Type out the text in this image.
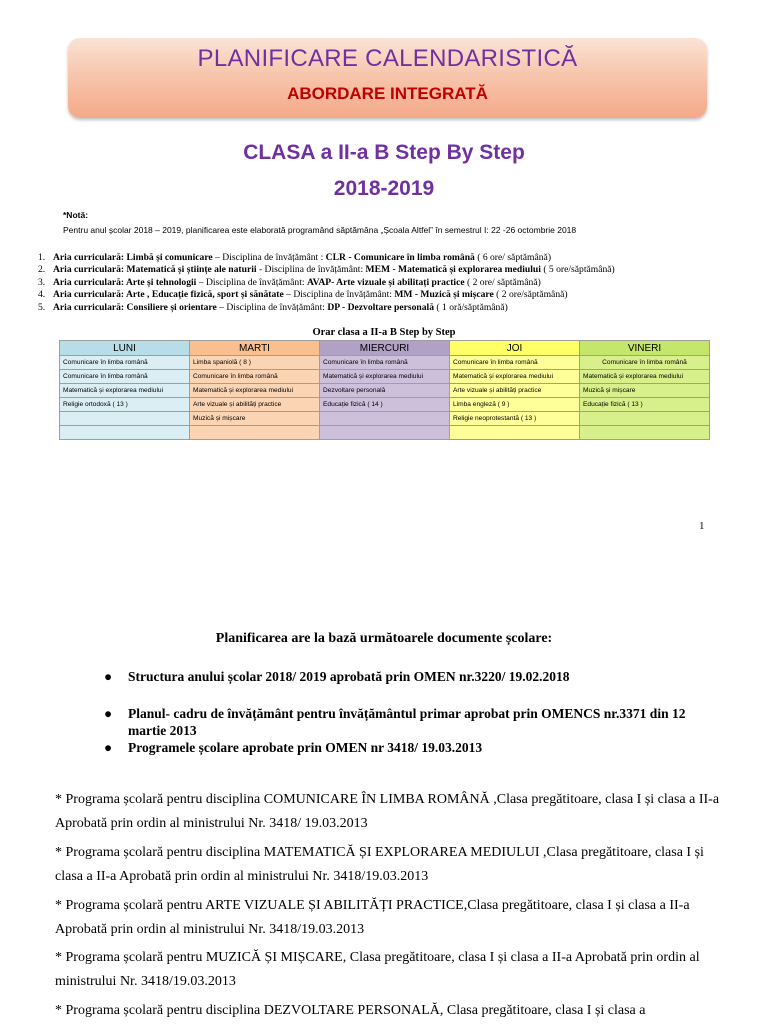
PLANIFICARE CALENDARISTICĂ
ABORDARE INTEGRATĂ
CLASA a II-a B Step By Step
2018-2019
*Notă:
Pentru anul școlar 2018 – 2019, planificarea este elaborată programând săptămâna „Școala Altfel” în semestrul I: 22 -26 octombrie 2018
1. Aria curriculară: Limbă și comunicare – Disciplina de învățământ : CLR - Comunicare în limba română ( 6 ore/ săptămână)
2. Aria curriculară: Matematică și științe ale naturii - Disciplina de învățământ: MEM - Matematică și explorarea mediului ( 5 ore/săptămână)
3. Aria curriculară: Arte și tehnologii – Disciplina de învățământ: AVAP- Arte vizuale și abilitați practice ( 2 ore/ săptămână)
4. Aria curriculară: Arte , Educație fizică, sport și sănătate – Disciplina de învățământ: MM - Muzică și mișcare ( 2 ore/săptămână)
5. Aria curriculară: Consiliere și orientare – Disciplina de învățământ: DP - Dezvoltare personală ( 1 oră/săptămână)
Orar clasa a II-a B Step by Step
LUNI	MARTI	MIERCURI	JOI	VINERI
Comunicare în limba română	Limba spaniolă ( 8 )	Comunicare în limba română	Comunicare în limba română	Comunicare în limba română
Comunicare în limba română	Comunicare în limba română	Matematică și explorarea mediului	Matematică și explorarea mediului	Matematică și explorarea mediului
Matematică și explorarea mediului	Matematică și explorarea mediului	Dezvoltare personală	Arte vizuale și abilități practice	Muzică și mișcare
Religie ortodoxă ( 13 )	Arte vizuale și abilități practice	Educație fizică ( 14 )	Limba engleză ( 9 )	Educație fizică ( 13 )
	Muzică și mișcare		Religie neoprotestantă ( 13 )	

1
Planificarea are la bază următoarele documente școlare:
● Structura anului școlar 2018/ 2019 aprobată prin OMEN nr.3220/ 19.02.2018
● Planul- cadru de învățământ pentru învățământul primar aprobat prin OMENCS nr.3371 din 12 martie 2013
● Programele școlare aprobate prin OMEN nr 3418/ 19.03.2013
* Programa școlară pentru disciplina COMUNICARE ÎN LIMBA ROMÂNĂ ,Clasa pregătitoare, clasa I și clasa a II-a Aprobată prin ordin al ministrului Nr. 3418/ 19.03.2013
* Programa școlară pentru disciplina MATEMATICĂ ȘI EXPLORAREA MEDIULUI ,Clasa pregătitoare, clasa I și clasa a II-a Aprobată prin ordin al ministrului Nr. 3418/19.03.2013
* Programa școlară pentru ARTE VIZUALE ȘI ABILITĂȚI PRACTICE,Clasa pregătitoare, clasa I și clasa a II-a Aprobată prin ordin al ministrului Nr. 3418/19.03.2013
* Programa școlară pentru MUZICĂ ȘI MIȘCARE, Clasa pregătitoare, clasa I și clasa a II-a Aprobată prin ordin al ministrului Nr. 3418/19.03.2013
* Programa școlară pentru disciplina DEZVOLTARE PERSONALĂ, Clasa pregătitoare, clasa I și clasa a
